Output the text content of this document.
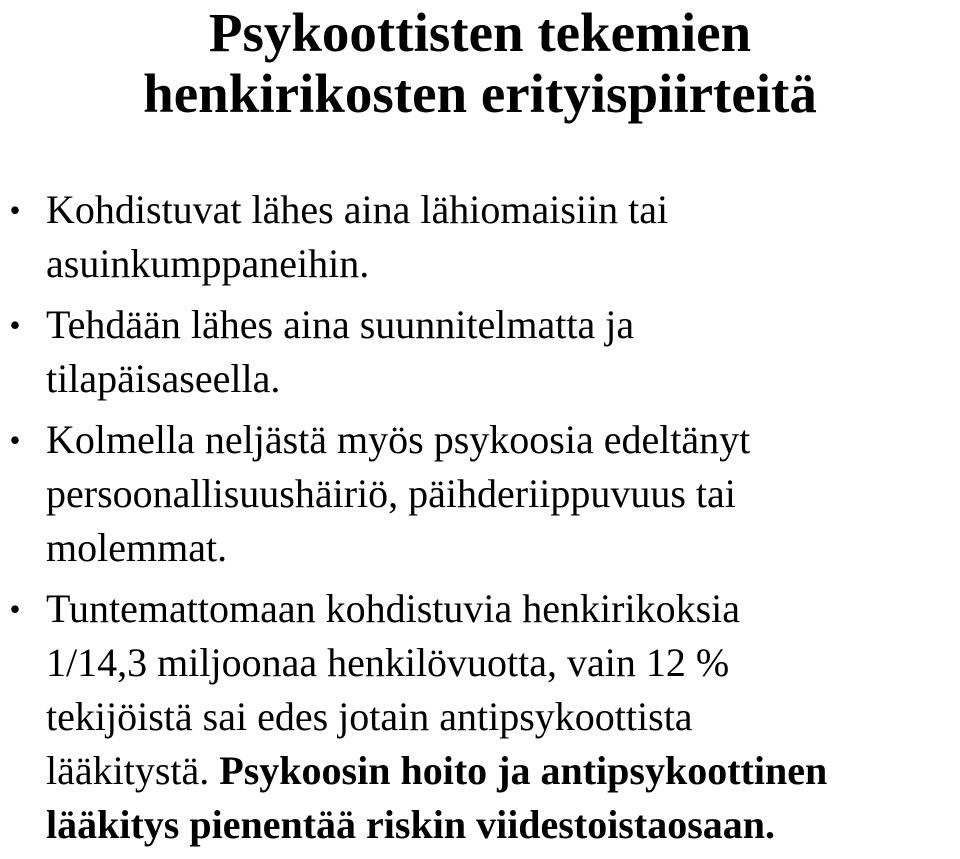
Psykoottisten tekemien
henkirikosten erityispiirteitä
• Kohdistuvat lähes aina lähiomaisiin tai
asuinkumppaneihin.
• Tehdään lähes aina suunnitelmatta ja
tilapäisaseella.
• Kolmella neljästä myös psykoosia edeltänyt
persoonallisuushäiriö, päihderiippuvuus tai
molemmat.
• Tuntemattomaan kohdistuvia henkirikoksia
1/14,3 miljoonaa henkilövuotta, vain 12 %
tekijöistä sai edes jotain antipsykoottista
lääkitystä. Psykoosin hoito ja antipsykoottinen
lääkitys pienentää riskin viidestoistaosaan.
